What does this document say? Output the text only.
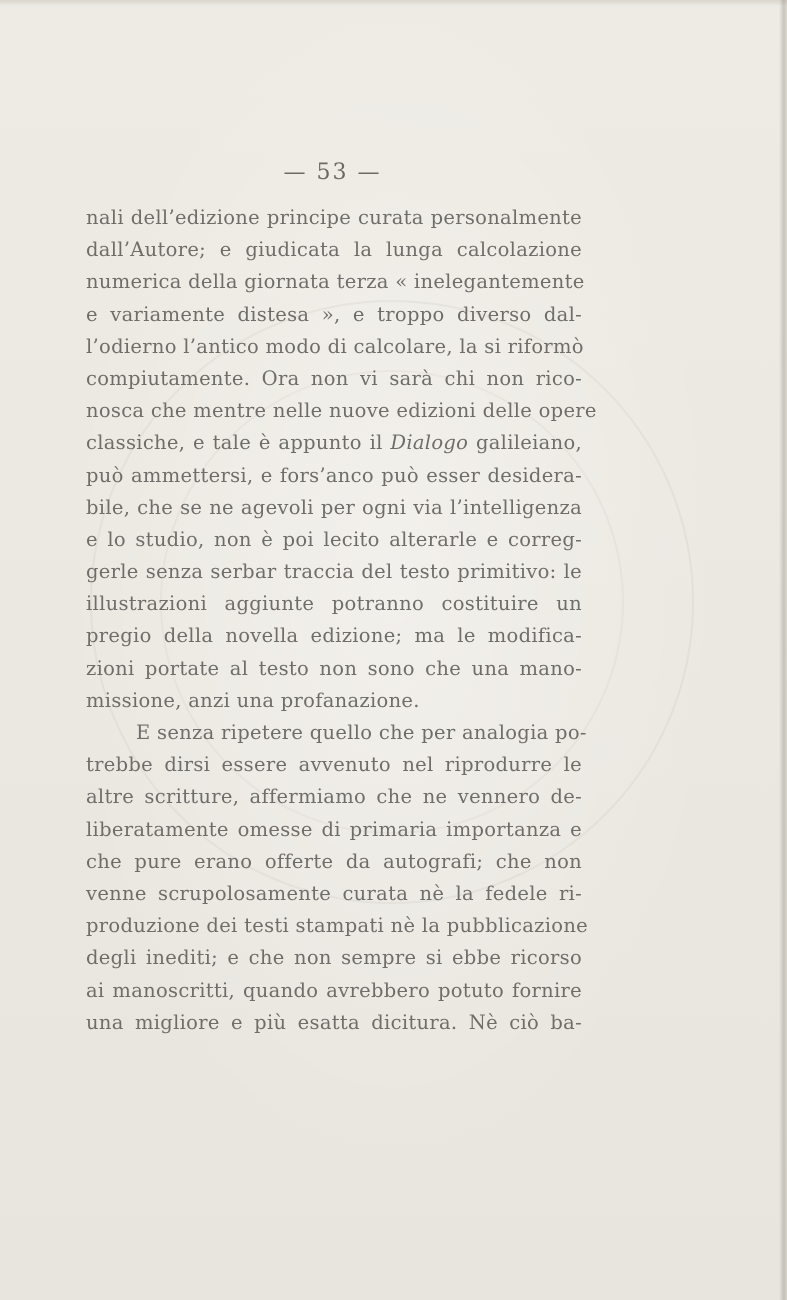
— 53 —
nali dell’edizione principe curata personalmente
dall’Autore; e giudicata la lunga calcolazione
numerica della giornata terza « inelegantemente
e variamente distesa », e troppo diverso dal-
l’odierno l’antico modo di calcolare, la si riformò
compiutamente. Ora non vi sarà chi non rico-
nosca che mentre nelle nuove edizioni delle opere
classiche, e tale è appunto il Dialogo galileiano,
può ammettersi, e fors’anco può esser desidera-
bile, che se ne agevoli per ogni via l’intelligenza
e lo studio, non è poi lecito alterarle e correg-
gerle senza serbar traccia del testo primitivo: le
illustrazioni aggiunte potranno costituire un
pregio della novella edizione; ma le modifica-
zioni portate al testo non sono che una mano-
missione, anzi una profanazione.
E senza ripetere quello che per analogia po-
trebbe dirsi essere avvenuto nel riprodurre le
altre scritture, affermiamo che ne vennero de-
liberatamente omesse di primaria importanza e
che pure erano offerte da autografi; che non
venne scrupolosamente curata nè la fedele ri-
produzione dei testi stampati nè la pubblicazione
degli inediti; e che non sempre si ebbe ricorso
ai manoscritti, quando avrebbero potuto fornire
una migliore e più esatta dicitura. Nè ciò ba-
